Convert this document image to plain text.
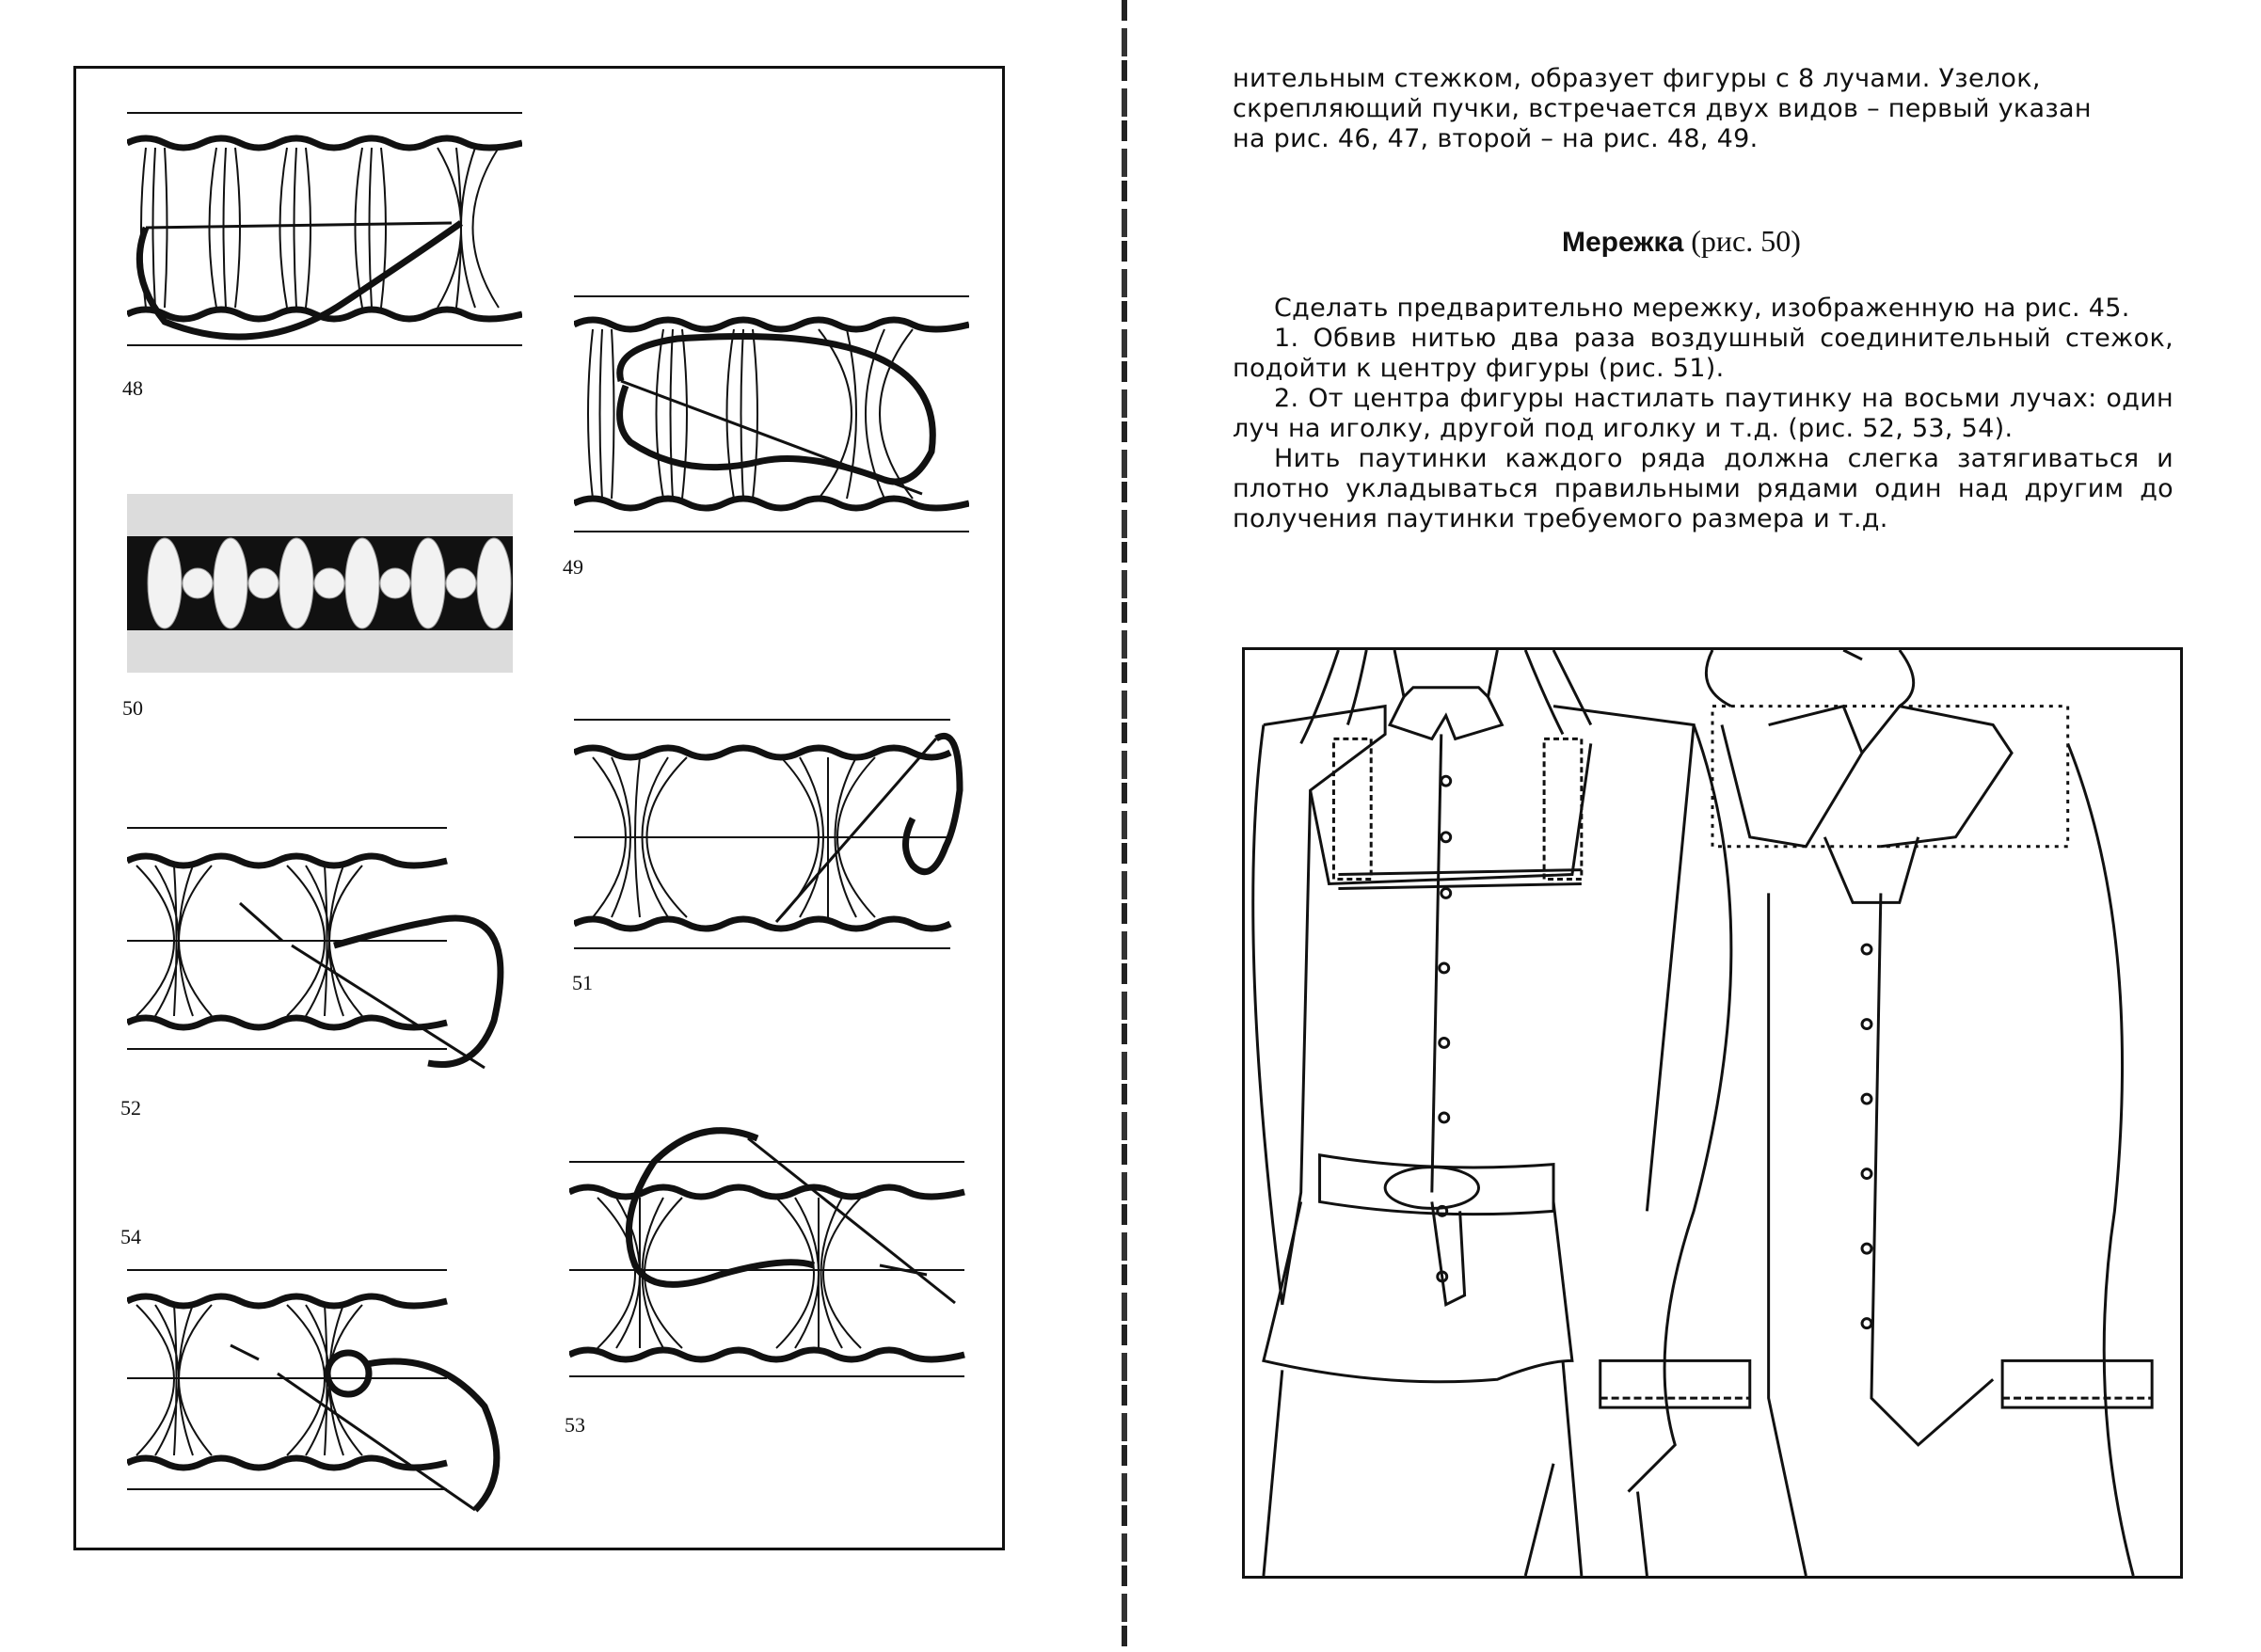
48
49
50
51
52
53
54

нительным стежком, образует фигуры с 8 лучами. Узелок,

скрепляющий пучки, встречается двух видов – первый указан

на рис. 46, 47, второй – на рис. 48, 49.

Мережка (рис. 50)

Сделать предварительно мережку, изображенную на рис. 45.

1. Обвив нитью два раза воздушный соединительный стежок, подойти к центру фигуры (рис. 51).

2. От центра фигуры настилать паутинку на восьми лучах: один луч на иголку, другой под иголку и т.д. (рис. 52, 53, 54).

Нить паутинки каждого ряда должна слегка затягиваться и плотно укладываться правильными рядами один над другим до получения паутинки требуемого размера и т.д.
